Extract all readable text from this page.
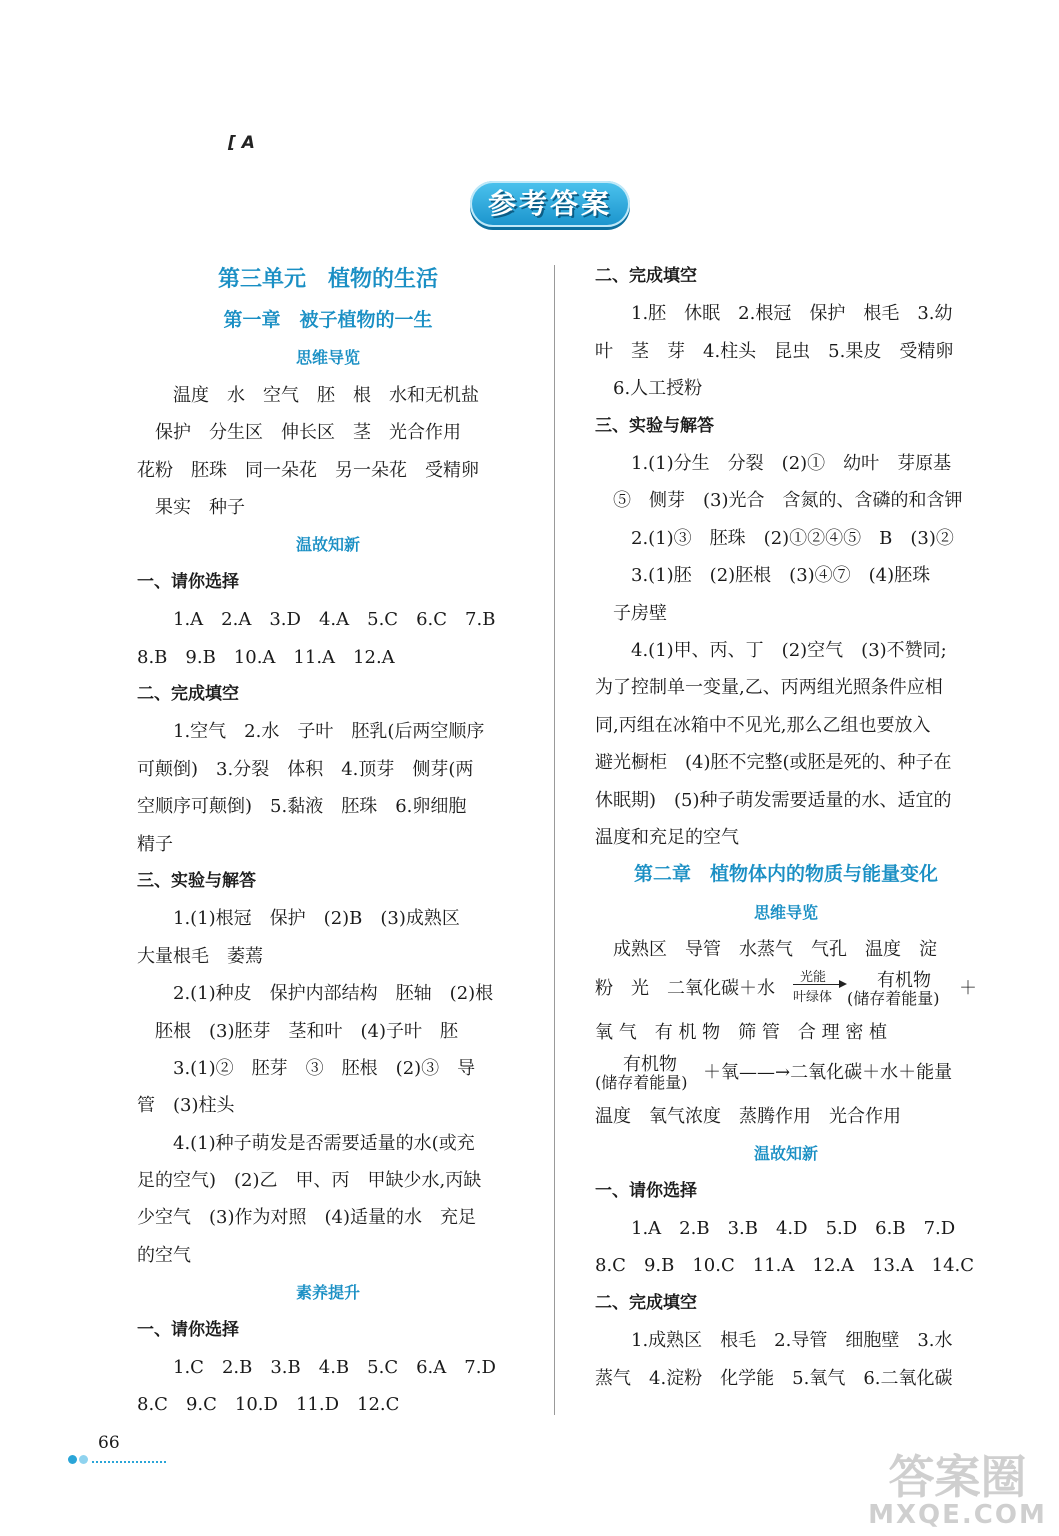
[ A
参考答案
第三单元　植物的生活
第一章　被子植物的一生
思维导览
温度　水　空气　胚　根　水和无机盐
保护　分生区　伸长区　茎　光合作用
花粉　胚珠　同一朵花　另一朵花　受精卵
果实　种子
温故知新
一、请你选择
1.A　2.A　3.D　4.A　5.C　6.C　7.B
8.B　9.B　10.A　11.A　12.A
二、完成填空
1.空气　2.水　子叶　胚乳(后两空顺序
可颠倒)　3.分裂　体积　4.顶芽　侧芽(两
空顺序可颠倒)　5.黏液　胚珠　6.卵细胞
精子
三、实验与解答
1.(1)根冠　保护　(2)B　(3)成熟区
大量根毛　萎蔫
2.(1)种皮　保护内部结构　胚轴　(2)根
胚根　(3)胚芽　茎和叶　(4)子叶　胚
3.(1)②　胚芽　③　胚根　(2)③　导
管　(3)柱头
4.(1)种子萌发是否需要适量的水(或充
足的空气)　(2)乙　甲、丙　甲缺少水,丙缺
少空气　(3)作为对照　(4)适量的水　充足
的空气
素养提升
一、请你选择
1.C　2.B　3.B　4.B　5.C　6.A　7.D
8.C　9.C　10.D　11.D　12.C
二、完成填空
1.胚　休眠　2.根冠　保护　根毛　3.幼
叶　茎　芽　4.柱头　昆虫　5.果皮　受精卵
6.人工授粉
三、实验与解答
1.(1)分生　分裂　(2)①　幼叶　芽原基
⑤　侧芽　(3)光合　含氮的、含磷的和含钾
2.(1)③　胚珠　(2)①②④⑤　B　(3)②
3.(1)胚　(2)胚根　(3)④⑦　(4)胚珠
子房壁
4.(1)甲、丙、丁　(2)空气　(3)不赞同;
为了控制单一变量,乙、丙两组光照条件应相
同,丙组在冰箱中不见光,那么乙组也要放入
避光橱柜　(4)胚不完整(或胚是死的、种子在
休眠期)　(5)种子萌发需要适量的水、适宜的
温度和充足的空气
第二章　植物体内的物质与能量变化
思维导览
成熟区　导管　水蒸气　气孔　温度　淀
粉　光　二氧化碳＋水
光能
叶绿体
有机物
(储存着能量) ＋
氧 气　有 机 物　筛 管　合 理 密 植
有机物
(储存着能量) ＋氧——→二氧化碳＋水＋能量
温度　氧气浓度　蒸腾作用　光合作用
温故知新
一、请你选择
1.A　2.B　3.B　4.D　5.D　6.B　7.D
8.C　9.B　10.C　11.A　12.A　13.A　14.C
二、完成填空
1.成熟区　根毛　2.导管　细胞壁　3.水
蒸气　4.淀粉　化学能　5.氧气　6.二氧化碳
66
答案圈
MXQE.COM
